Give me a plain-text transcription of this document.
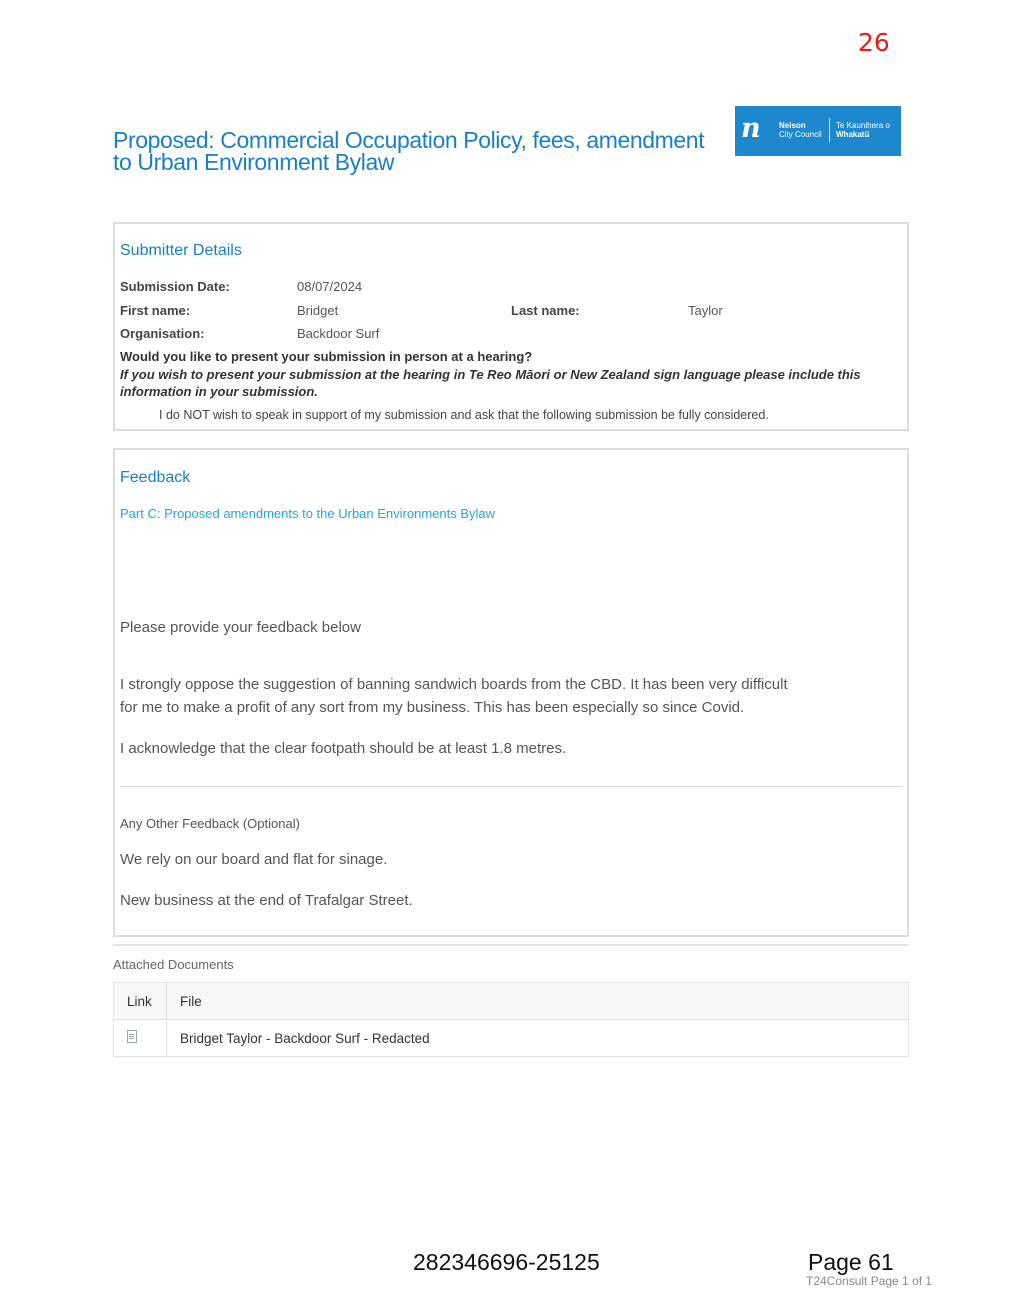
26
Proposed: Commercial Occupation Policy, fees, amendment to Urban Environment Bylaw
n	Nelson
City Council
Te Kaunihera o
Whakatū
Submitter Details
Submission Date:	08/07/2024
First name:	Bridget	Last name:	Taylor
Organisation:	Backdoor Surf
Would you like to present your submission in person at a hearing?
If you wish to present your submission at the hearing in Te Reo Māori or New Zealand sign language please include this information in your submission.
I do NOT wish to speak in support of my submission and ask that the following submission be fully considered.
Feedback
Part C: Proposed amendments to the Urban Environments Bylaw
Please provide your feedback below
I strongly oppose the suggestion of banning sandwich boards from the CBD. It has been very difficult
for me to make a profit of any sort from my business. This has been especially so since Covid.
I acknowledge that the clear footpath should be at least 1.8 metres.
Any Other Feedback (Optional)
We rely on our board and flat for sinage.
New business at the end of Trafalgar Street.
Attached Documents
Link	File
	Bridget Taylor - Backdoor Surf - Redacted
282346696-25125	Page 61
T24Consult Page 1 of 1
